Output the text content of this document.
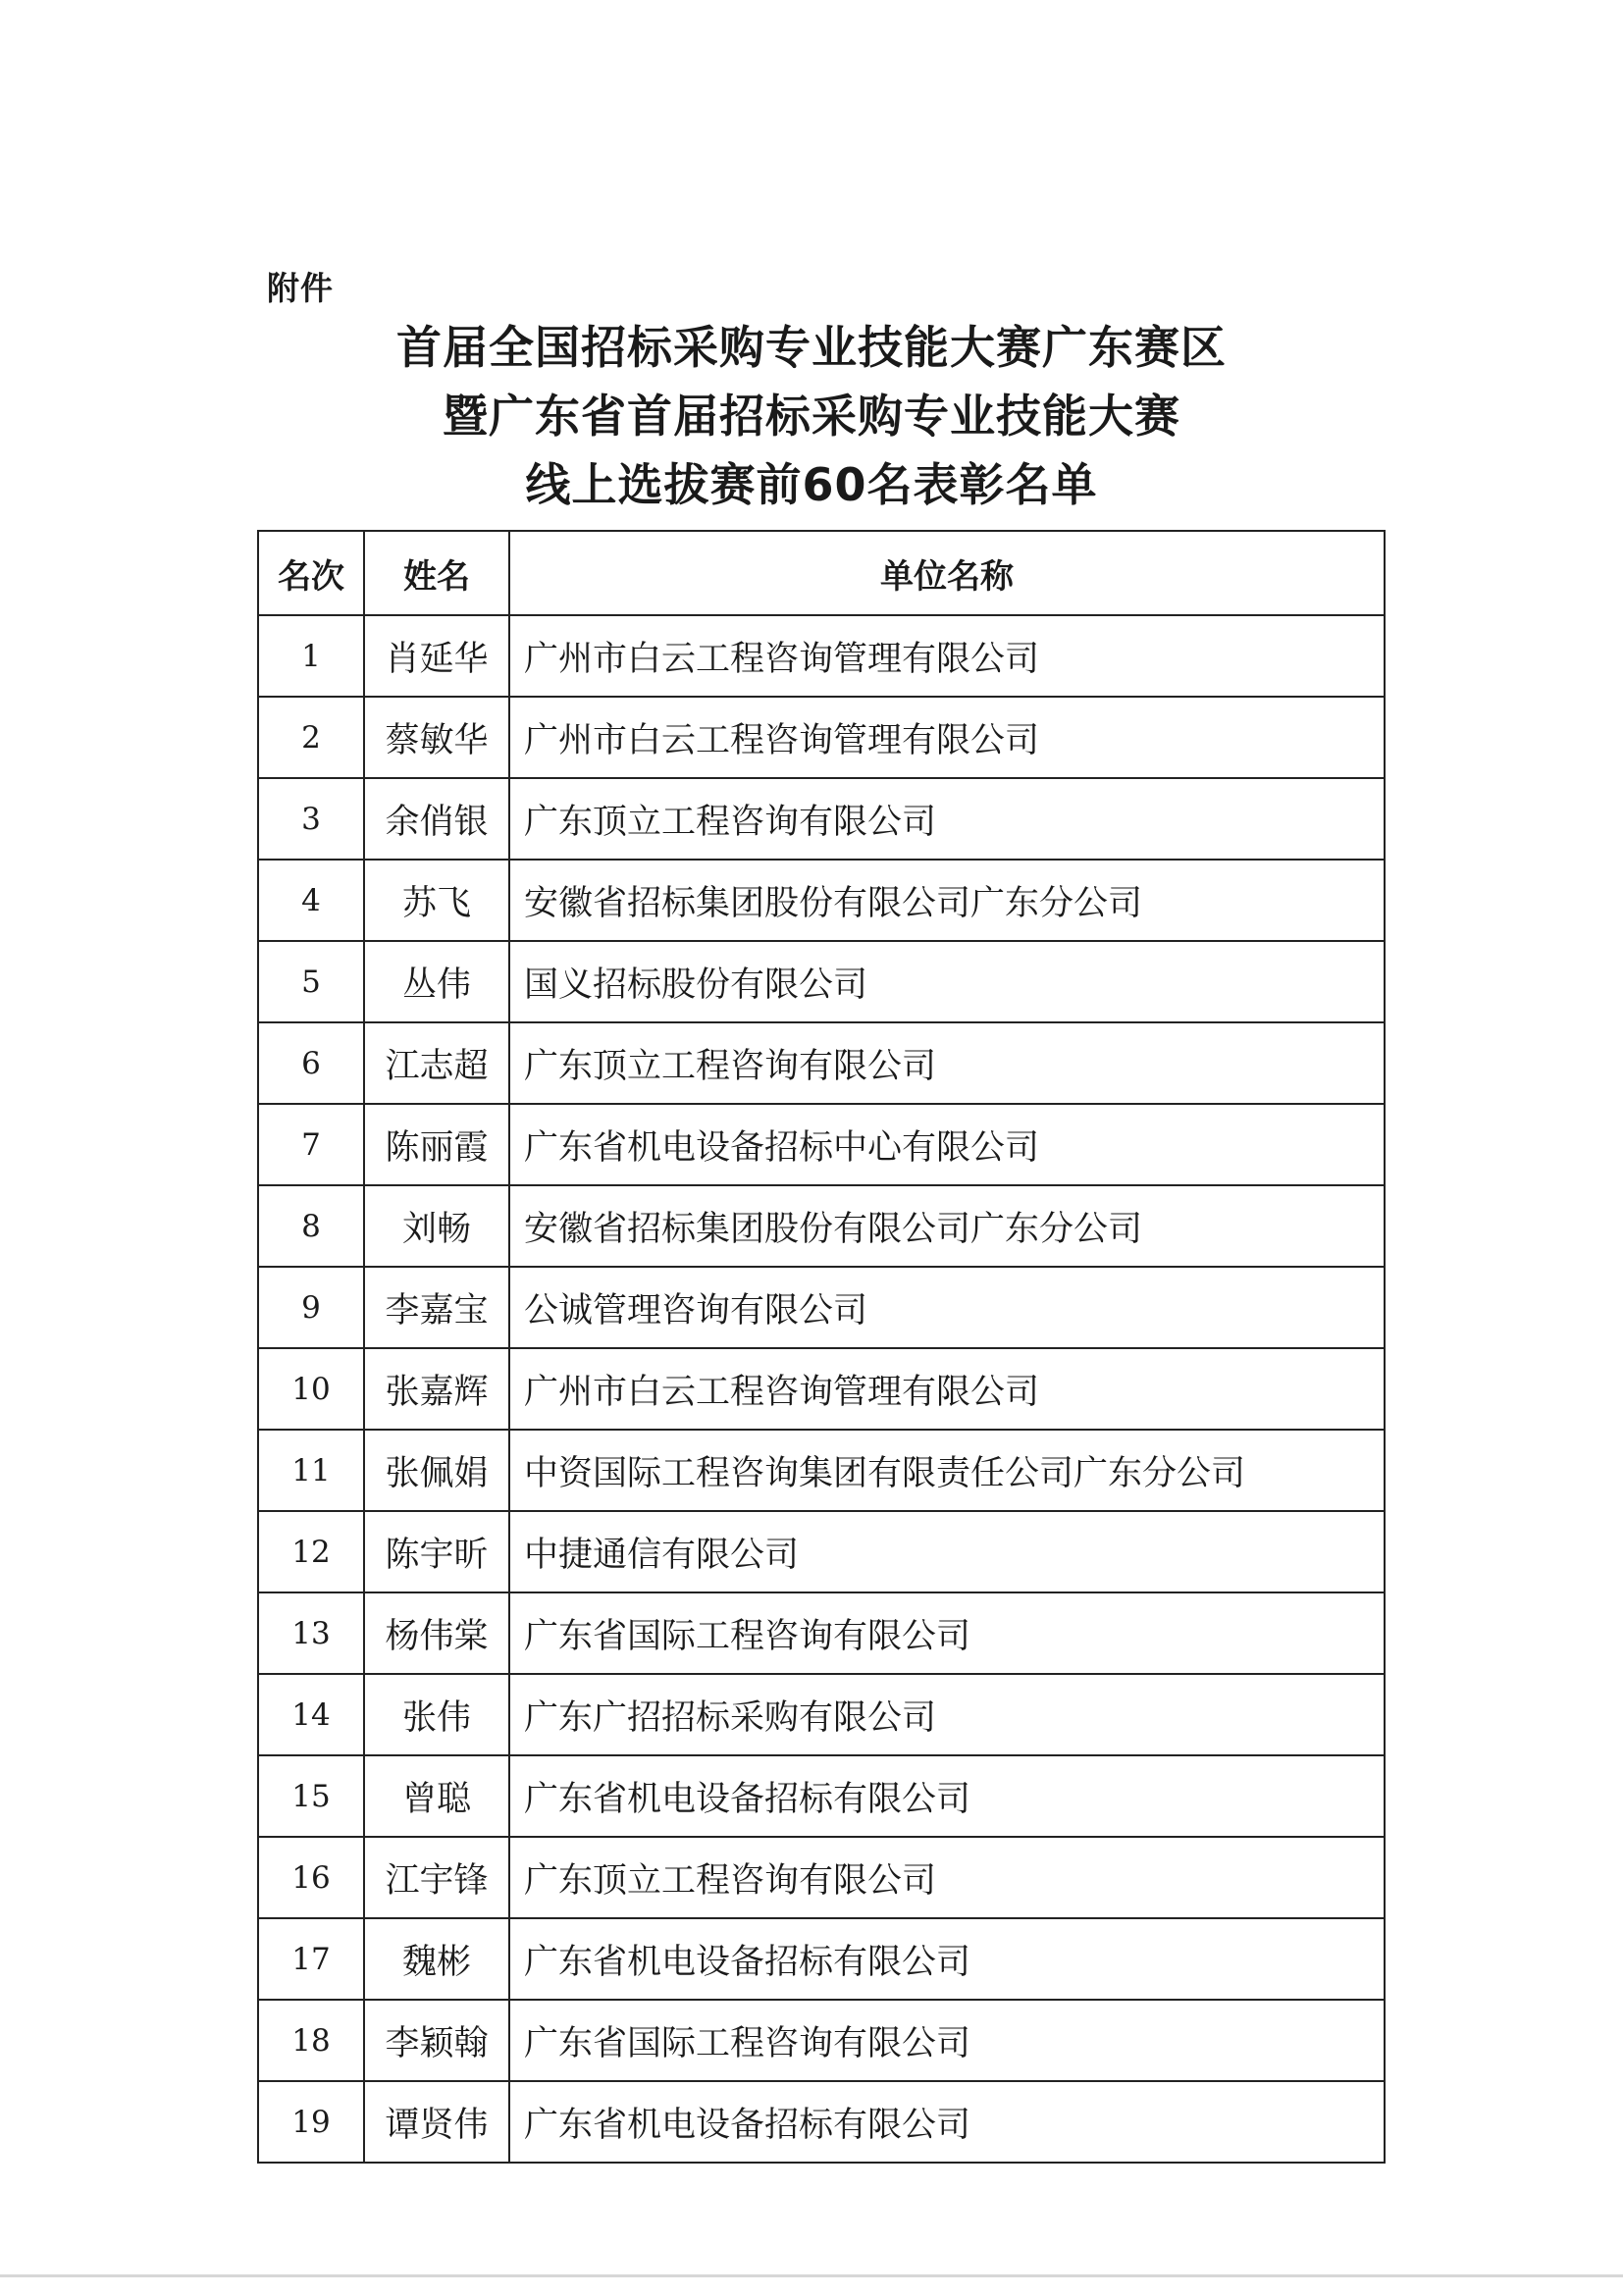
附件
首届全国招标采购专业技能大赛广东赛区
暨广东省首届招标采购专业技能大赛
线上选拔赛前60名表彰名单
名次	姓名	单位名称
1	肖延华	广州市白云工程咨询管理有限公司
2	蔡敏华	广州市白云工程咨询管理有限公司
3	余俏银	广东顶立工程咨询有限公司
4	苏飞	安徽省招标集团股份有限公司广东分公司
5	丛伟	国义招标股份有限公司
6	江志超	广东顶立工程咨询有限公司
7	陈丽霞	广东省机电设备招标中心有限公司
8	刘畅	安徽省招标集团股份有限公司广东分公司
9	李嘉宝	公诚管理咨询有限公司
10	张嘉辉	广州市白云工程咨询管理有限公司
11	张佩娟	中资国际工程咨询集团有限责任公司广东分公司
12	陈宇昕	中捷通信有限公司
13	杨伟棠	广东省国际工程咨询有限公司
14	张伟	广东广招招标采购有限公司
15	曾聪	广东省机电设备招标有限公司
16	江宇锋	广东顶立工程咨询有限公司
17	魏彬	广东省机电设备招标有限公司
18	李颖翰	广东省国际工程咨询有限公司
19	谭贤伟	广东省机电设备招标有限公司
